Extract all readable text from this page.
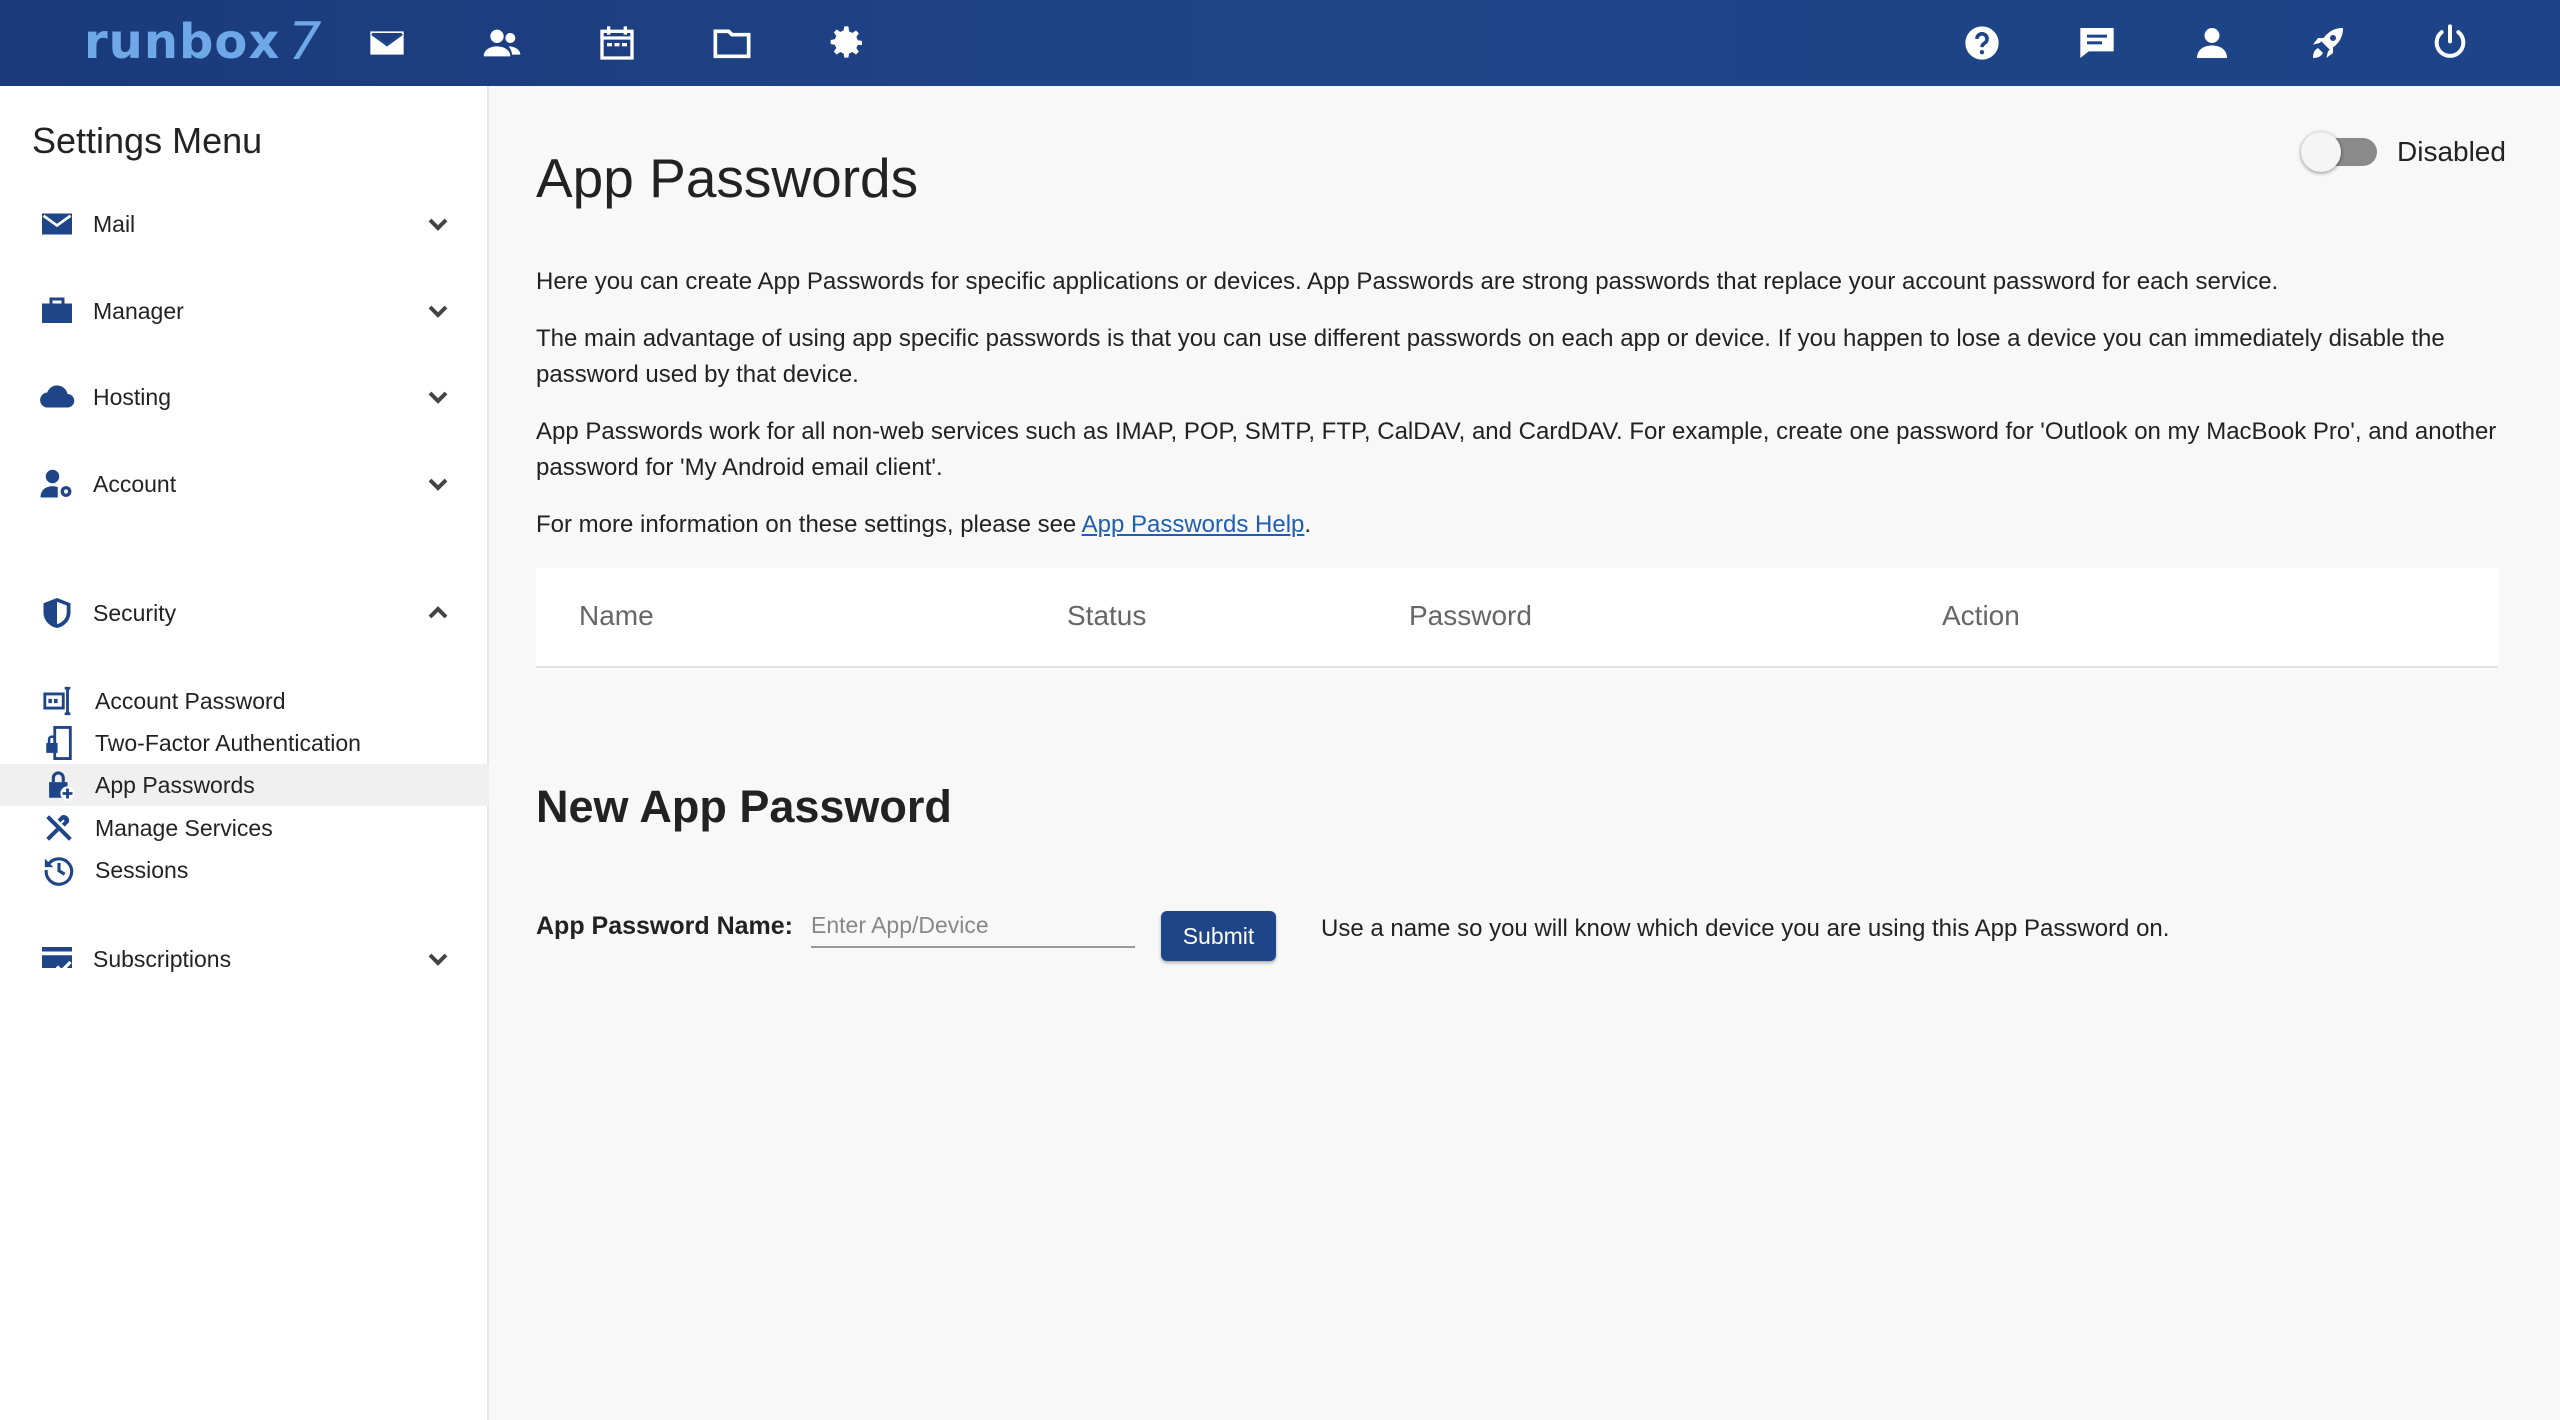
runbox 7
Settings Menu
Mail
Manager
Hosting
Account
Security
Account Password
Two-Factor Authentication
App Passwords
Manage Services
Sessions
Subscriptions
App Passwords	Disabled

Here you can create App Passwords for specific applications or devices. App Passwords are strong passwords that replace your account password for each service.

The main advantage of using app specific passwords is that you can use different passwords on each app or device. If you happen to lose a device you can immediately disable the password used by that device.

App Passwords work for all non-web services such as IMAP, POP, SMTP, FTP, CalDAV, and CardDAV. For example, create one password for 'Outlook on my MacBook Pro', and another password for 'My Android email client'.

For more information on these settings, please see App Passwords Help.

Name	Status	Password	Action
New App Password
App Password Name:
Enter App/Device	Submit	Use a name so you will know which device you are using this App Password on.
